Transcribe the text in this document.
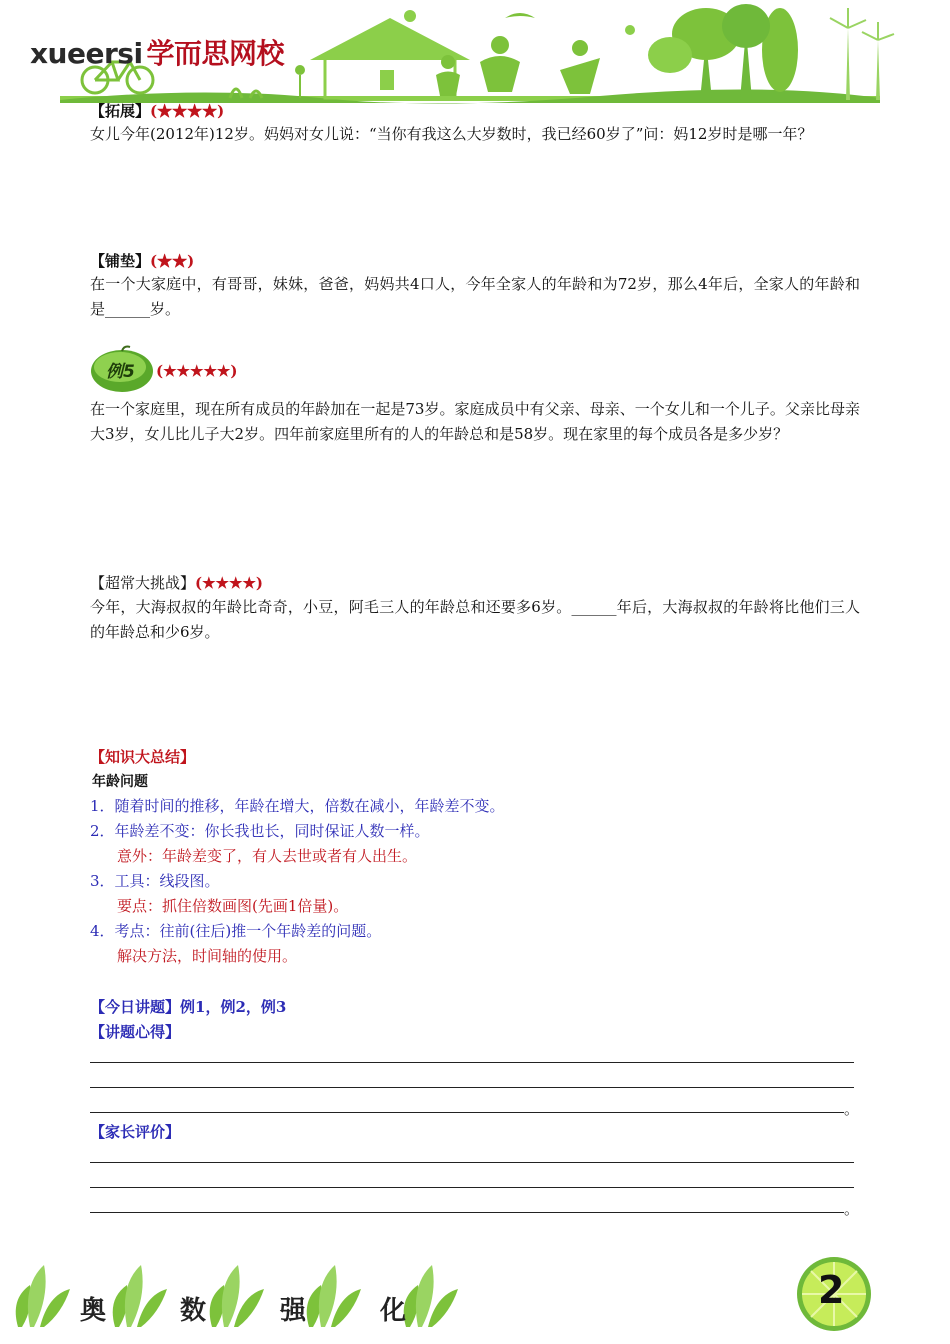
xueersi 学而思网校
【拓展】(★★★★)
女儿今年(2012年)12岁。妈妈对女儿说：“当你有我这么大岁数时，我已经60岁了”问：妈12岁时是哪一年？
【铺垫】(★★)
在一个大家庭中，有哥哥，妹妹，爸爸，妈妈共4口人，今年全家人的年龄和为72岁，那么4年后，全家人的年龄和是______岁。
例5 (★★★★★)
在一个家庭里，现在所有成员的年龄加在一起是73岁。家庭成员中有父亲、母亲、一个女儿和一个儿子。父亲比母亲大3岁，女儿比儿子大2岁。四年前家庭里所有的人的年龄总和是58岁。现在家里的每个成员各是多少岁？
【超常大挑战】(★★★★)
今年，大海叔叔的年龄比奇奇，小豆，阿毛三人的年龄总和还要多6岁。______年后，大海叔叔的年龄将比他们三人的年龄总和少6岁。
【知识大总结】
年龄问题
1．随着时间的推移，年龄在增大，倍数在减小，年龄差不变。
2．年龄差不变：你长我也长，同时保证人数一样。
意外：年龄差变了，有人去世或者有人出生。
3．工具：线段图。
要点：抓住倍数画图(先画1倍量)。
4．考点：往前(往后)推一个年龄差的问题。
解决方法，时间轴的使用。
【今日讲题】例1，例2，例3
【讲题心得】
。
【家长评价】
。
奥	数	强	化	2
